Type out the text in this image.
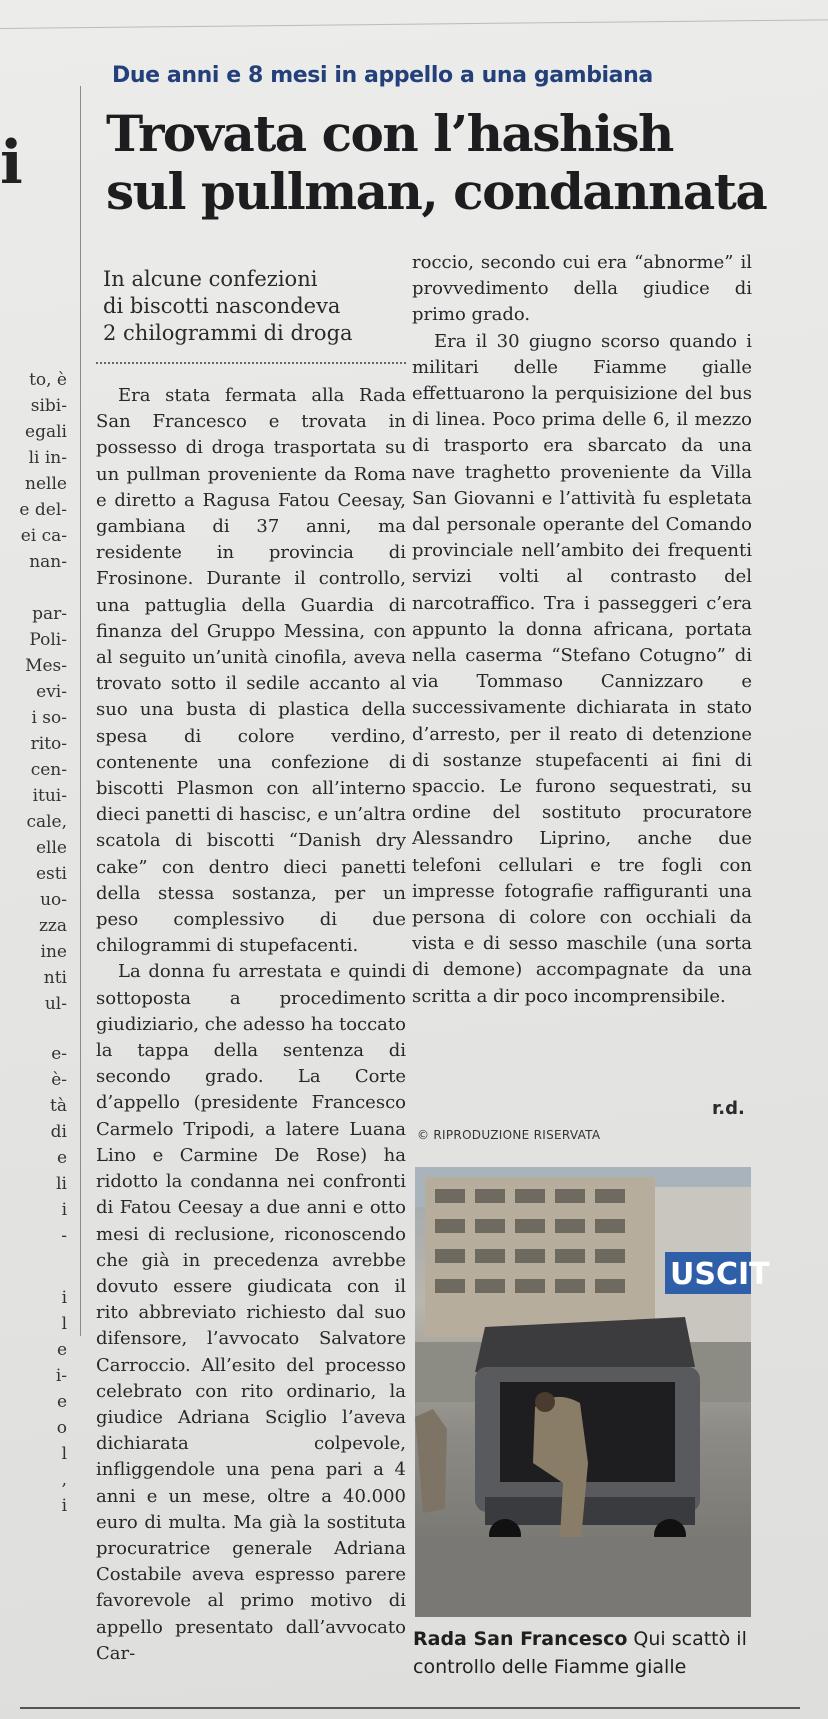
i
to, è
sibi-
egali
li in-
nelle
e del-
ei ca-
nan-
par-
Poli-
Mes-
evi-
i so-
rito-
cen-
itui-
cale,
elle
esti
uo-
zza
ine
nti
ul-
e-
è-
tà
di
e
li
i
-
i
l
e
i-
e
o
l
,
i
Due anni e 8 mesi in appello a una gambiana
Trovata con l’hashish
sul pullman, condannata
In alcune confezioni
di biscotti nascondeva
2 chilogrammi di droga

Era stata fermata alla Rada San Francesco e trovata in possesso di droga trasportata su un pullman proveniente da Roma e diretto a Ragusa Fatou Ceesay, gambiana di 37 anni, ma residente in provincia di Frosinone. Durante il controllo, una pattuglia della Guardia di finanza del Gruppo Messina, con al seguito un’unità cinofila, aveva trovato sotto il sedile accanto al suo una busta di plastica della spesa di colore verdino, contenente una confezione di biscotti Plasmon con all’interno dieci panetti di hascisc, e un’altra scatola di biscotti “Danish dry cake” con dentro dieci panetti della stessa sostanza, per un peso complessivo di due chilogrammi di stupefacenti.

La donna fu arrestata e quindi sottoposta a procedimento giudiziario, che adesso ha toccato la tappa della sentenza di secondo grado. La Corte d’appello (presidente Francesco Carmelo Tripodi, a latere Luana Lino e Carmine De Rose) ha ridotto la condanna nei confronti di Fatou Ceesay a due anni e otto mesi di reclusione, riconoscendo che già in precedenza avrebbe dovuto essere giudicata con il rito abbreviato richiesto dal suo difensore, l’avvocato Salvatore Carroccio. All’esito del processo celebrato con rito ordinario, la giudice Adriana Sciglio l’aveva dichiarata colpevole, infliggendole una pena pari a 4 anni e un mese, oltre a 40.000 euro di multa. Ma già la sostituta procuratrice generale Adriana Costabile aveva espresso parere favorevole al primo motivo di appello presentato dall’avvocato Car-

roccio, secondo cui era “abnorme” il provvedimento della giudice di primo grado.

Era il 30 giugno scorso quando i militari delle Fiamme gialle effettuarono la perquisizione del bus di linea. Poco prima delle 6, il mezzo di trasporto era sbarcato da una nave traghetto proveniente da Villa San Giovanni e l’attività fu espletata dal personale operante del Comando provinciale nell’ambito dei frequenti servizi volti al contrasto del narcotraffico. Tra i passeggeri c’era appunto la donna africana, portata nella caserma “Stefano Cotugno” di via Tommaso Cannizzaro e successivamente dichiarata in stato d’arresto, per il reato di detenzione di sostanze stupefacenti ai fini di spaccio. Le furono sequestrati, su ordine del sostituto procuratore Alessandro Liprino, anche due telefoni cellulari e tre fogli con impresse fotografie raffiguranti una persona di colore con occhiali da vista e di sesso maschile (una sorta di demone) accompagnate da una scritta a dir poco incomprensibile.

r.d.
© RIPRODUZIONE RISERVATA
USCIT
Rada San Francesco Qui scattò il controllo delle Fiamme gialle
